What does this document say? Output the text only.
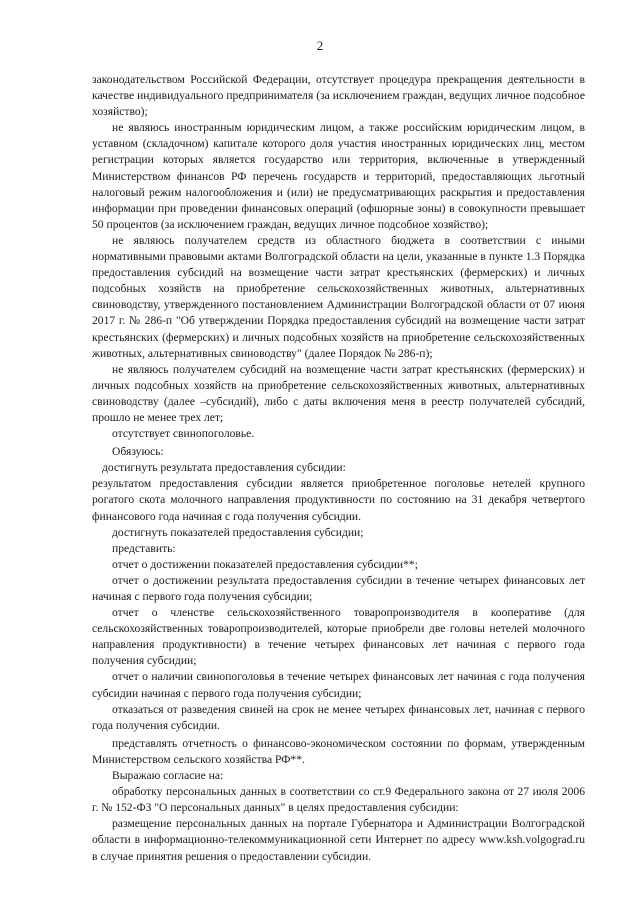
2

законодательством Российской Федерации, отсутствует процедура прекращения деятельности в качестве индивидуального предпринимателя (за исключением граждан, ведущих личное подсобное хозяйство);

не являюсь иностранным юридическим лицом, а также российским юридическим лицом, в уставном (складочном) капитале которого доля участия иностранных юридических лиц, местом регистрации которых является государство или территория, включенные в утвержденный Министерством финансов РФ перечень государств и территорий, предоставляющих льготный налоговый режим налогообложения и (или) не предусматривающих раскрытия и предоставления информации при проведении финансовых операций (офшорные зоны) в совокупности превышает 50 процентов (за исключением граждан, ведущих личное подсобное хозяйство);

не являюсь получателем средств из областного бюджета в соответствии с иными нормативными правовыми актами Волгоградской области на цели, указанные в пункте 1.3 Порядка предоставления субсидий на возмещение части затрат крестьянских (фермерских) и личных подсобных хозяйств на приобретение сельскохозяйственных животных, альтернативных свиноводству, утвержденного постановлением Администрации Волгоградской области от 07 июня 2017 г. № 286-п "Об утверждении Порядка предоставления субсидий на возмещение части затрат крестьянских (фермерских) и личных подсобных хозяйств на приобретение сельскохозяйственных животных, альтернативных свиноводству" (далее Порядок № 286-п);

не являюсь получателем субсидий на возмещение части затрат крестьянских (фермерских) и личных подсобных хозяйств на приобретение сельскохозяйственных животных, альтернативных свиноводству (далее –субсидий), либо с даты включения меня в реестр получателей субсидий, прошло не менее трех лет;

отсутствует свинопоголовье.

Обязуюсь:

достигнуть результата предоставления субсидии:

результатом предоставления субсидии является приобретенное поголовье нетелей крупного рогатого скота молочного направления продуктивности по состоянию на 31 декабря четвертого финансового года начиная с года получения субсидии.

достигнуть показателей предоставления субсидии;

представить:

отчет о достижении показателей предоставления субсидии**;

отчет о достижении результата предоставления субсидии в течение четырех финансовых лет начиная с первого года получения субсидии;

отчет о членстве сельскохозяйственного товаропроизводителя в кооперативе (для сельскохозяйственных товаропроизводителей, которые приобрели две головы нетелей молочного направления продуктивности) в течение четырех финансовых лет начиная с первого года получения субсидии;

отчет о наличии свинопоголовья в течение четырех финансовых лет начиная с года получения субсидии начиная с первого года получения субсидии;

отказаться от разведения свиней на срок не менее четырех финансовых лет, начиная с первого года получения субсидии.

представлять отчетность о финансово-экономическом состоянии по формам, утвержденным Министерством сельского хозяйства РФ**.

Выражаю согласие на:

обработку персональных данных в соответствии со ст.9 Федерального закона от 27 июля 2006 г. № 152-ФЗ "О персональных данных" в целях предоставления субсидии:

размещение персональных данных на портале Губернатора и Администрации Волгоградской области в информационно-телекоммуникационной сети Интернет по адресу www.ksh.volgograd.ru в случае принятия решения о предоставлении субсидии.
